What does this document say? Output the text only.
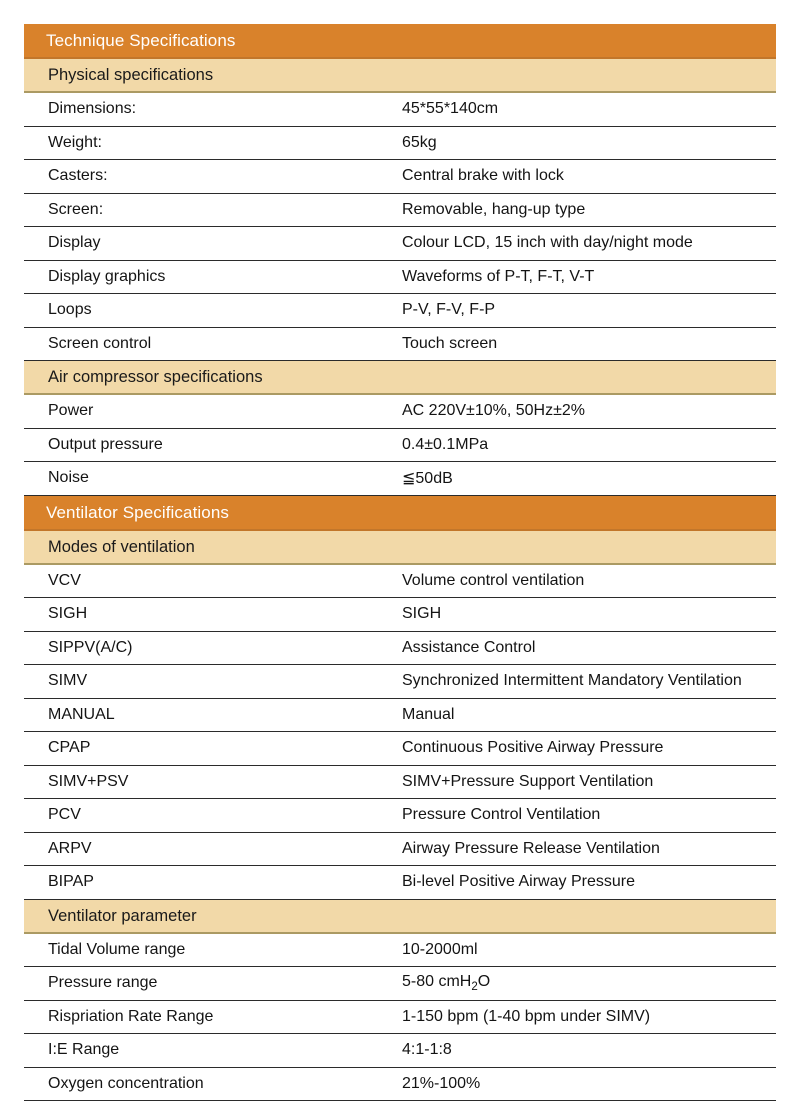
Technique Specifications	
Physical specifications	
Dimensions:	45*55*140cm
Weight:	65kg
Casters:	Central brake with lock
Screen:	Removable, hang-up type
Display	Colour LCD, 15 inch with day/night mode
Display graphics	Waveforms of P-T, F-T, V-T
Loops	P-V, F-V, F-P
Screen control	Touch screen
Air compressor specifications	
Power	AC 220V±10%, 50Hz±2%
Output pressure	0.4±0.1MPa
Noise	≦50dB
Ventilator Specifications	
Modes of ventilation	
VCV	Volume control ventilation
SIGH	SIGH
SIPPV(A/C)	Assistance Control
SIMV	Synchronized Intermittent Mandatory Ventilation
MANUAL	Manual
CPAP	Continuous Positive Airway Pressure
SIMV+PSV	SIMV+Pressure Support Ventilation
PCV	Pressure Control Ventilation
ARPV	Airway Pressure Release Ventilation
BIPAP	Bi-level Positive Airway Pressure
Ventilator parameter	
Tidal Volume range	10-2000ml
Pressure range	5-80 cmH$_2$O
Rispriation Rate Range	1-150 bpm (1-40 bpm under SIMV)
I:E Range	4:1-1:8
Oxygen concentration	21%-100%
